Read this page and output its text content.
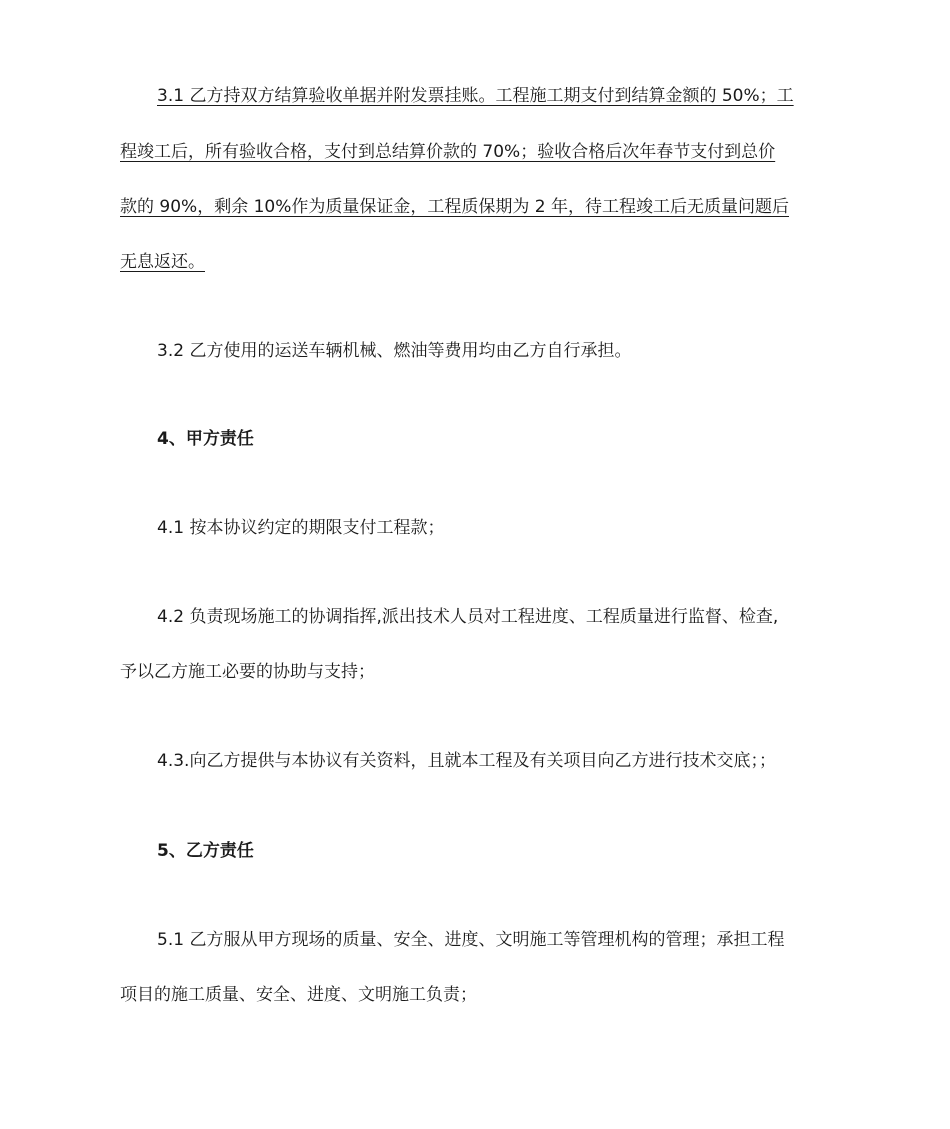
3.1 乙方持双方结算验收单据并附发票挂账。工程施工期支付到结算金额的 50%；工

程竣工后，所有验收合格，支付到总结算价款的 70%；验收合格后次年春节支付到总价

款的 90%，剩余 10%作为质量保证金，工程质保期为 2 年，待工程竣工后无质量问题后

无息返还。

3.2 乙方使用的运送车辆机械、燃油等费用均由乙方自行承担。

4、甲方责任

4.1 按本协议约定的期限支付工程款；

4.2 负责现场施工的协调指挥,派出技术人员对工程进度、工程质量进行监督、检查,

予以乙方施工必要的协助与支持；

4.3.向乙方提供与本协议有关资料，且就本工程及有关项目向乙方进行技术交底；；

5、乙方责任

5.1 乙方服从甲方现场的质量、安全、进度、文明施工等管理机构的管理；承担工程

项目的施工质量、安全、进度、文明施工负责；
